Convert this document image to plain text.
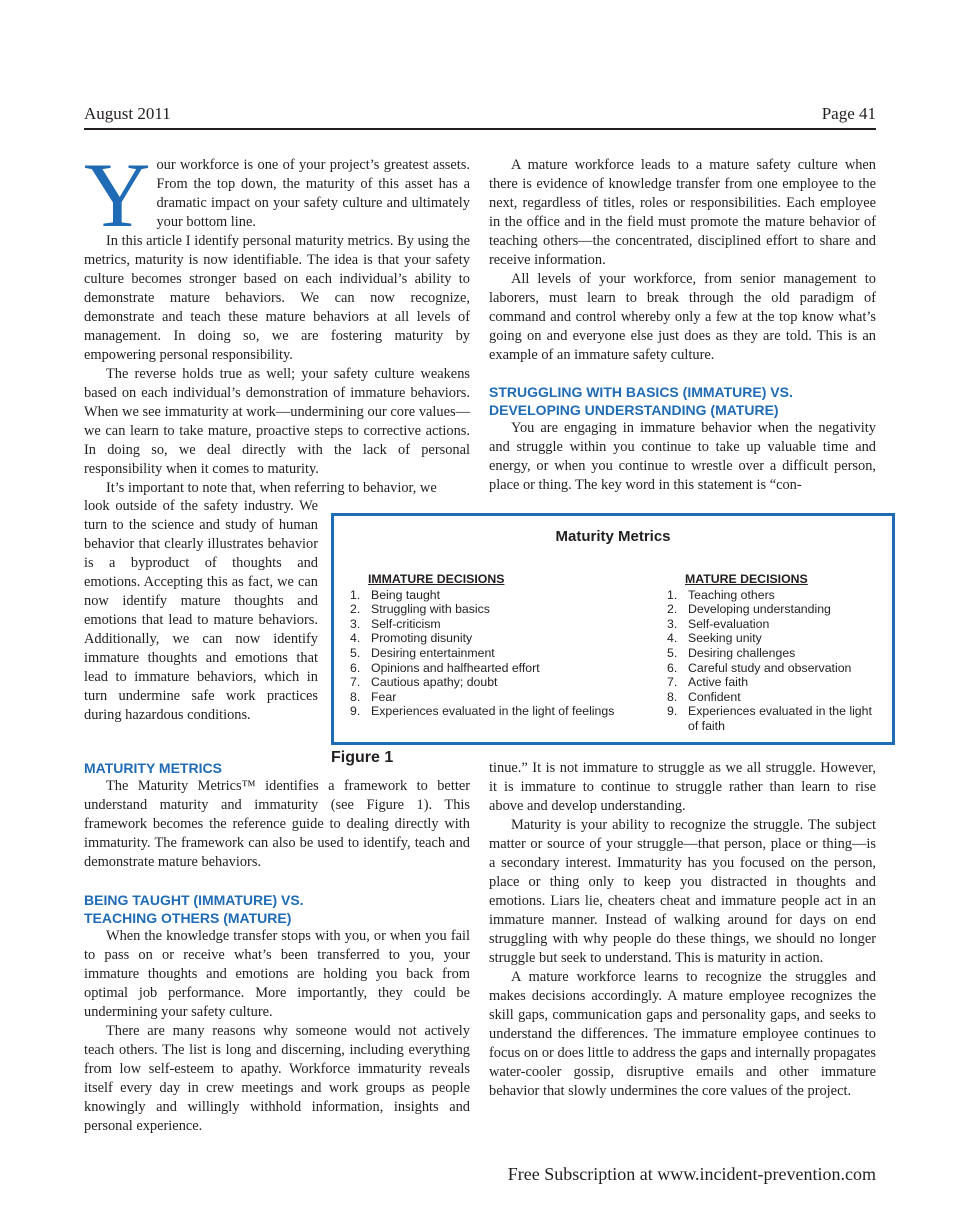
August 2011	Page 41

Your workforce is one of your project’s greatest assets. From the top down, the maturity of this asset has a dramatic impact on your safety culture and ultimately your bottom line.

In this article I identify personal maturity metrics. By using the metrics, maturity is now identifiable. The idea is that your safety culture becomes stronger based on each individual’s ability to demonstrate mature behaviors. We can now recognize, demonstrate and teach these mature behaviors at all levels of management. In doing so, we are fostering maturity by empowering personal responsibility.

The reverse holds true as well; your safety culture weakens based on each individual’s demonstration of immature behaviors. When we see immaturity at work—undermining our core values—we can learn to take mature, proactive steps to corrective actions. In doing so, we deal directly with the lack of personal responsibility when it comes to maturity.

It’s important to note that, when referring to behavior, we

look outside of the safety industry. We turn to the science and study of human behavior that clearly illustrates behavior is a byproduct of thoughts and emotions. Accepting this as fact, we can now identify mature thoughts and emotions that lead to mature behaviors. Additionally, we can now identify immature thoughts and emotions that lead to immature behaviors, which in turn undermine safe work practices during hazardous conditions.

A mature workforce leads to a mature safety culture when there is evidence of knowledge transfer from one employee to the next, regardless of titles, roles or responsibilities. Each employee in the office and in the field must promote the mature behavior of teaching others—the concentrated, disciplined effort to share and receive information.

All levels of your workforce, from senior management to laborers, must learn to break through the old paradigm of command and control whereby only a few at the top know what’s going on and everyone else just does as they are told. This is an example of an immature safety culture.

STRUGGLING WITH BASICS (IMMATURE) VS.
DEVELOPING UNDERSTANDING (MATURE)

You are engaging in immature behavior when the negativity and struggle within you continue to take up valuable time and energy, or when you continue to wrestle over a difficult person, place or thing. The key word in this statement is “con-

Maturity Metrics
IMMATURE DECISIONS
1. Being taught
2. Struggling with basics
3. Self-criticism
4. Promoting disunity
5. Desiring entertainment
6. Opinions and halfhearted effort
7. Cautious apathy; doubt
8. Fear
9. Experiences evaluated in the light of feelings
MATURE DECISIONS
1. Teaching others
2. Developing understanding
3. Self-evaluation
4. Seeking unity
5. Desiring challenges
6. Careful study and observation
7. Active faith
8. Confident
9. Experiences evaluated in the light of faith
Figure 1
MATURITY METRICS

The Maturity Metrics™ identifies a framework to better understand maturity and immaturity (see Figure 1). This framework becomes the reference guide to dealing directly with immaturity. The framework can also be used to identify, teach and demonstrate mature behaviors.

BEING TAUGHT (IMMATURE) VS.
TEACHING OTHERS (MATURE)

When the knowledge transfer stops with you, or when you fail to pass on or receive what’s been transferred to you, your immature thoughts and emotions are holding you back from optimal job performance. More importantly, they could be undermining your safety culture.

There are many reasons why someone would not actively teach others. The list is long and discerning, including everything from low self-esteem to apathy. Workforce immaturity reveals itself every day in crew meetings and work groups as people knowingly and willingly withhold information, insights and personal experience.

tinue.” It is not immature to struggle as we all struggle. However, it is immature to continue to struggle rather than learn to rise above and develop understanding.

Maturity is your ability to recognize the struggle. The subject matter or source of your struggle—that person, place or thing—is a secondary interest. Immaturity has you focused on the person, place or thing only to keep you distracted in thoughts and emotions. Liars lie, cheaters cheat and immature people act in an immature manner. Instead of walking around for days on end struggling with why people do these things, we should no longer struggle but seek to understand. This is maturity in action.

A mature workforce learns to recognize the struggles and makes decisions accordingly. A mature employee recognizes the skill gaps, communication gaps and personality gaps, and seeks to understand the differences. The immature employee continues to focus on or does little to address the gaps and internally propagates water-cooler gossip, disruptive emails and other immature behavior that slowly undermines the core values of the project.

Free Subscription at www.incident-prevention.com
